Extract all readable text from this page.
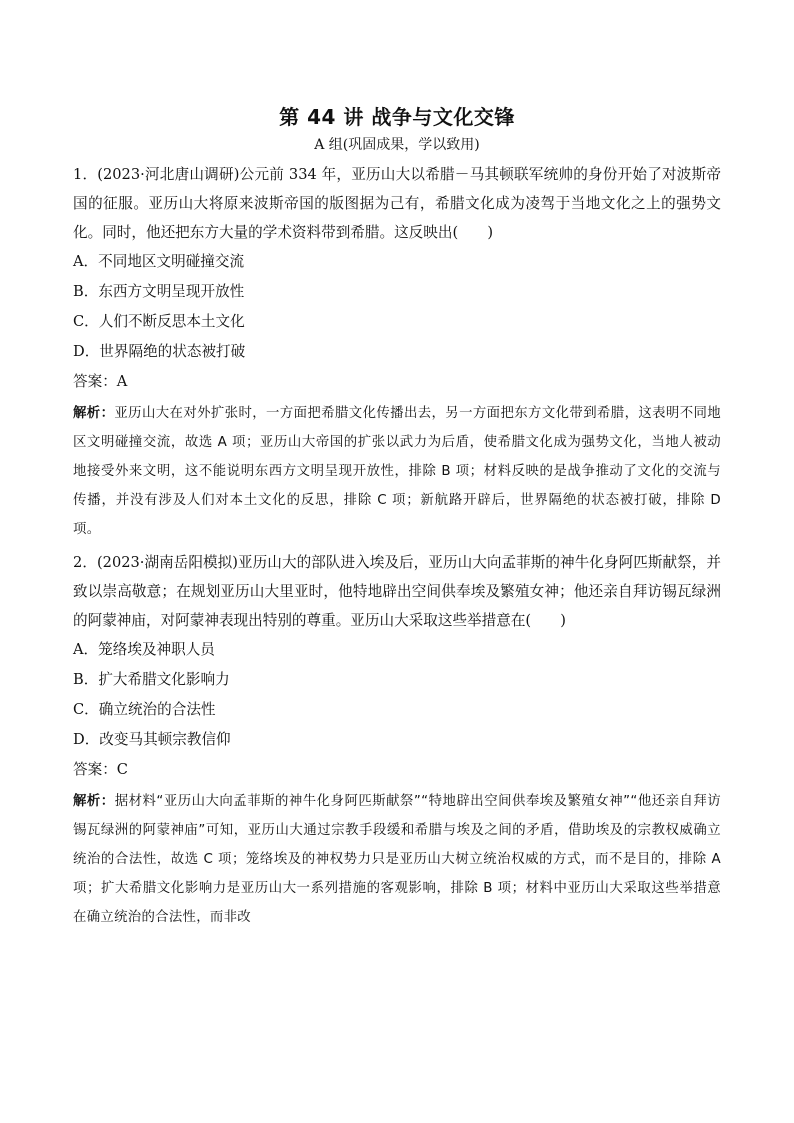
第 44 讲 战争与文化交锋
A 组(巩固成果，学以致用)

1．(2023·河北唐山调研)公元前 334 年，亚历山大以希腊－马其顿联军统帅的身份开始了对波斯帝国的征服。亚历山大将原来波斯帝国的版图据为己有，希腊文化成为凌驾于当地文化之上的强势文化。同时，他还把东方大量的学术资料带到希腊。这反映出(　　)

A．不同地区文明碰撞交流
B．东西方文明呈现开放性
C．人们不断反思本土文化
D．世界隔绝的状态被打破
答案：A

解析：亚历山大在对外扩张时，一方面把希腊文化传播出去，另一方面把东方文化带到希腊，这表明不同地区文明碰撞交流，故选 A 项；亚历山大帝国的扩张以武力为后盾，使希腊文化成为强势文化，当地人被动地接受外来文明，这不能说明东西方文明呈现开放性，排除 B 项；材料反映的是战争推动了文化的交流与传播，并没有涉及人们对本土文化的反思，排除 C 项；新航路开辟后，世界隔绝的状态被打破，排除 D 项。

2．(2023·湖南岳阳模拟)亚历山大的部队进入埃及后，亚历山大向孟菲斯的神牛化身阿匹斯献祭，并致以崇高敬意；在规划亚历山大里亚时，他特地辟出空间供奉埃及繁殖女神；他还亲自拜访锡瓦绿洲的阿蒙神庙，对阿蒙神表现出特别的尊重。亚历山大采取这些举措意在(　　)

A．笼络埃及神职人员
B．扩大希腊文化影响力
C．确立统治的合法性
D．改变马其顿宗教信仰
答案：C

解析：据材料“亚历山大向孟菲斯的神牛化身阿匹斯献祭”“特地辟出空间供奉埃及繁殖女神”“他还亲自拜访锡瓦绿洲的阿蒙神庙”可知，亚历山大通过宗教手段缓和希腊与埃及之间的矛盾，借助埃及的宗教权威确立统治的合法性，故选 C 项；笼络埃及的神权势力只是亚历山大树立统治权威的方式，而不是目的，排除 A 项；扩大希腊文化影响力是亚历山大一系列措施的客观影响，排除 B 项；材料中亚历山大采取这些举措意在确立统治的合法性，而非改
